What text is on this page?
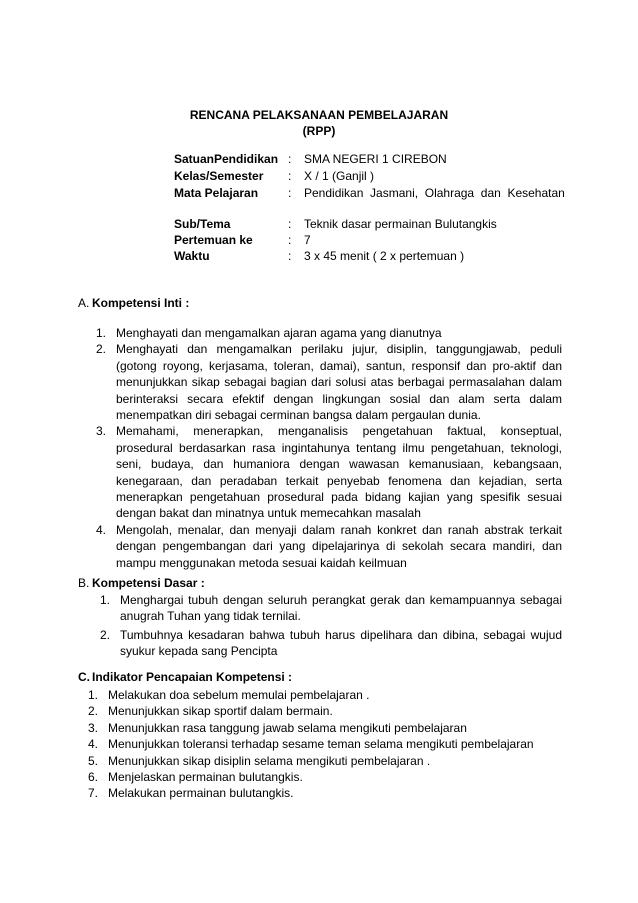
RENCANA PELAKSANAAN PEMBELAJARAN
(RPP)
SatuanPendidikan : SMA NEGERI 1 CIREBON
Kelas/Semester	: X / 1 (Ganjil )
Mata Pelajaran	: Pendidikan  Jasmani,  Olahraga  dan  Kesehatan
Sub/Tema	: Teknik dasar permainan Bulutangkis
Pertemuan ke	: 7
Waktu	: 3 x 45 menit ( 2 x pertemuan )
A. Kompetensi Inti :
1. Menghayati dan mengamalkan ajaran agama yang dianutnya
2. Menghayati dan mengamalkan perilaku jujur, disiplin, tanggungjawab, peduli (gotong royong, kerjasama, toleran, damai), santun, responsif dan pro-aktif dan menunjukkan sikap sebagai bagian dari solusi atas berbagai permasalahan dalam berinteraksi secara efektif dengan lingkungan sosial dan alam serta dalam menempatkan diri sebagai cerminan bangsa dalam pergaulan dunia.
3. Memahami, menerapkan, menganalisis pengetahuan faktual, konseptual, prosedural berdasarkan rasa ingintahunya tentang ilmu pengetahuan, teknologi, seni, budaya, dan humaniora dengan wawasan kemanusiaan, kebangsaan, kenegaraan, dan peradaban terkait penyebab fenomena dan kejadian, serta menerapkan pengetahuan prosedural pada bidang kajian yang spesifik sesuai dengan bakat dan minatnya untuk memecahkan masalah
4. Mengolah, menalar, dan menyaji dalam ranah konkret dan ranah abstrak terkait dengan pengembangan dari yang dipelajarinya di sekolah secara mandiri, dan mampu menggunakan metoda sesuai kaidah keilmuan
B. Kompetensi Dasar :
1. Menghargai tubuh dengan seluruh perangkat gerak dan kemampuannya sebagai anugrah Tuhan yang tidak ternilai.
2. Tumbuhnya kesadaran bahwa tubuh harus dipelihara dan dibina, sebagai wujud syukur kepada sang Pencipta
C. Indikator Pencapaian Kompetensi :
1. Melakukan doa sebelum memulai pembelajaran .
2. Menunjukkan sikap sportif dalam bermain.
3. Menunjukkan rasa tanggung jawab selama mengikuti pembelajaran
4. Menunjukkan toleransi terhadap sesame teman selama mengikuti pembelajaran
5. Menunjukkan sikap disiplin selama mengikuti pembelajaran .
6. Menjelaskan permainan bulutangkis.
7. Melakukan permainan bulutangkis.
